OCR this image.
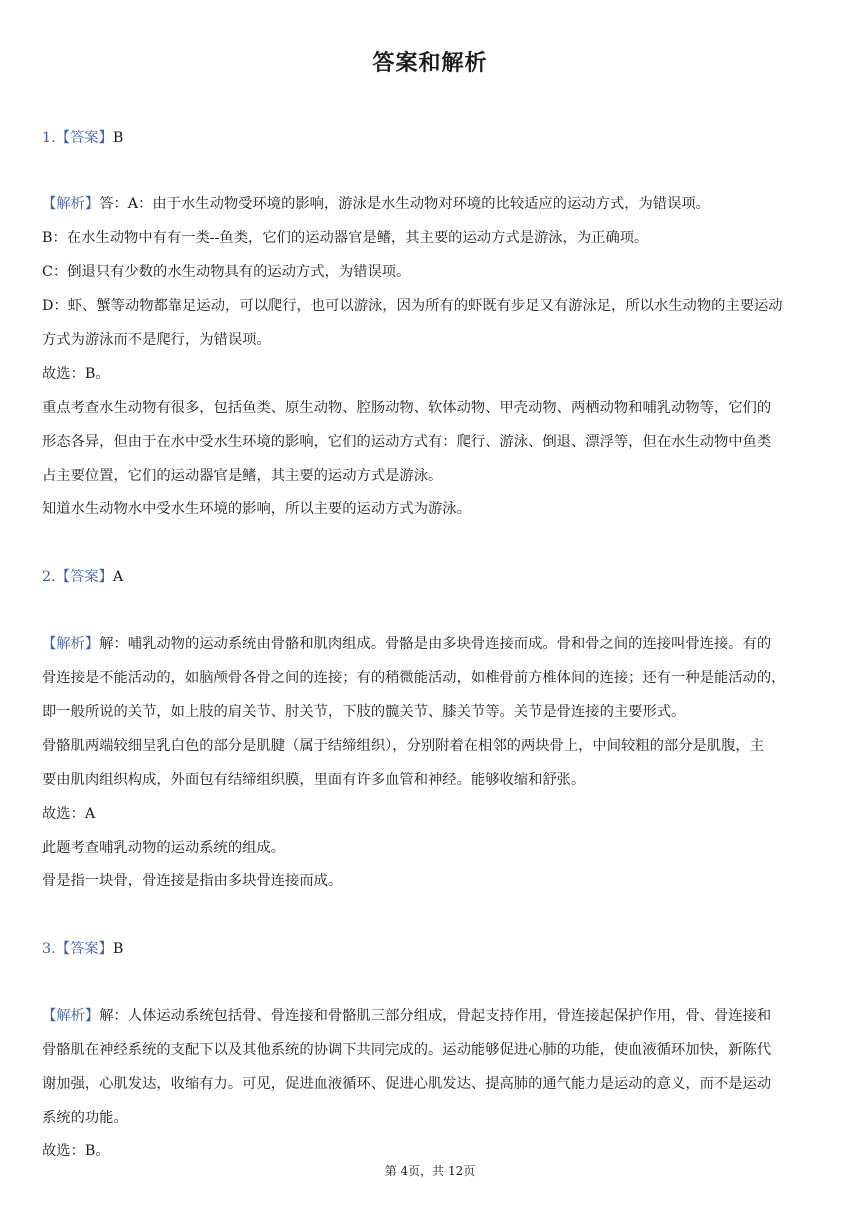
答案和解析
1.【答案】B
【解析】答：A：由于水生动物受环境的影响，游泳是水生动物对环境的比较适应的运动方式，为错误项。
B：在水生动物中有有一类--鱼类，它们的运动器官是鳍，其主要的运动方式是游泳，为正确项。
C：倒退只有少数的水生动物具有的运动方式，为错误项。
D：虾、蟹等动物都靠足运动，可以爬行，也可以游泳，因为所有的虾既有步足又有游泳足，所以水生动物的主要运动
方式为游泳而不是爬行，为错误项。
故选：B。
重点考查水生动物有很多，包括鱼类、原生动物、腔肠动物、软体动物、甲壳动物、两栖动物和哺乳动物等，它们的
形态各异，但由于在水中受水生环境的影响，它们的运动方式有：爬行、游泳、倒退、漂浮等，但在水生动物中鱼类
占主要位置，它们的运动器官是鳍，其主要的运动方式是游泳。
知道水生动物水中受水生环境的影响，所以主要的运动方式为游泳。
2.【答案】A
【解析】解：哺乳动物的运动系统由骨骼和肌肉组成。骨骼是由多块骨连接而成。骨和骨之间的连接叫骨连接。有的
骨连接是不能活动的，如脑颅骨各骨之间的连接；有的稍微能活动，如椎骨前方椎体间的连接；还有一种是能活动的，
即一般所说的关节，如上肢的肩关节、肘关节，下肢的髋关节、膝关节等。关节是骨连接的主要形式。
骨骼肌两端较细呈乳白色的部分是肌腱（属于结缔组织），分别附着在相邻的两块骨上，中间较粗的部分是肌腹，主
要由肌肉组织构成，外面包有结缔组织膜，里面有许多血管和神经。能够收缩和舒张。
故选：A
此题考查哺乳动物的运动系统的组成。
骨是指一块骨，骨连接是指由多块骨连接而成。
3.【答案】B
【解析】解：人体运动系统包括骨、骨连接和骨骼肌三部分组成，骨起支持作用，骨连接起保护作用，骨、骨连接和
骨骼肌在神经系统的支配下以及其他系统的协调下共同完成的。运动能够促进心肺的功能，使血液循环加快，新陈代
谢加强，心肌发达，收缩有力。可见，促进血液循环、促进心肌发达、提高肺的通气能力是运动的意义，而不是运动
系统的功能。
故选：B。
第 4页，共 12页
